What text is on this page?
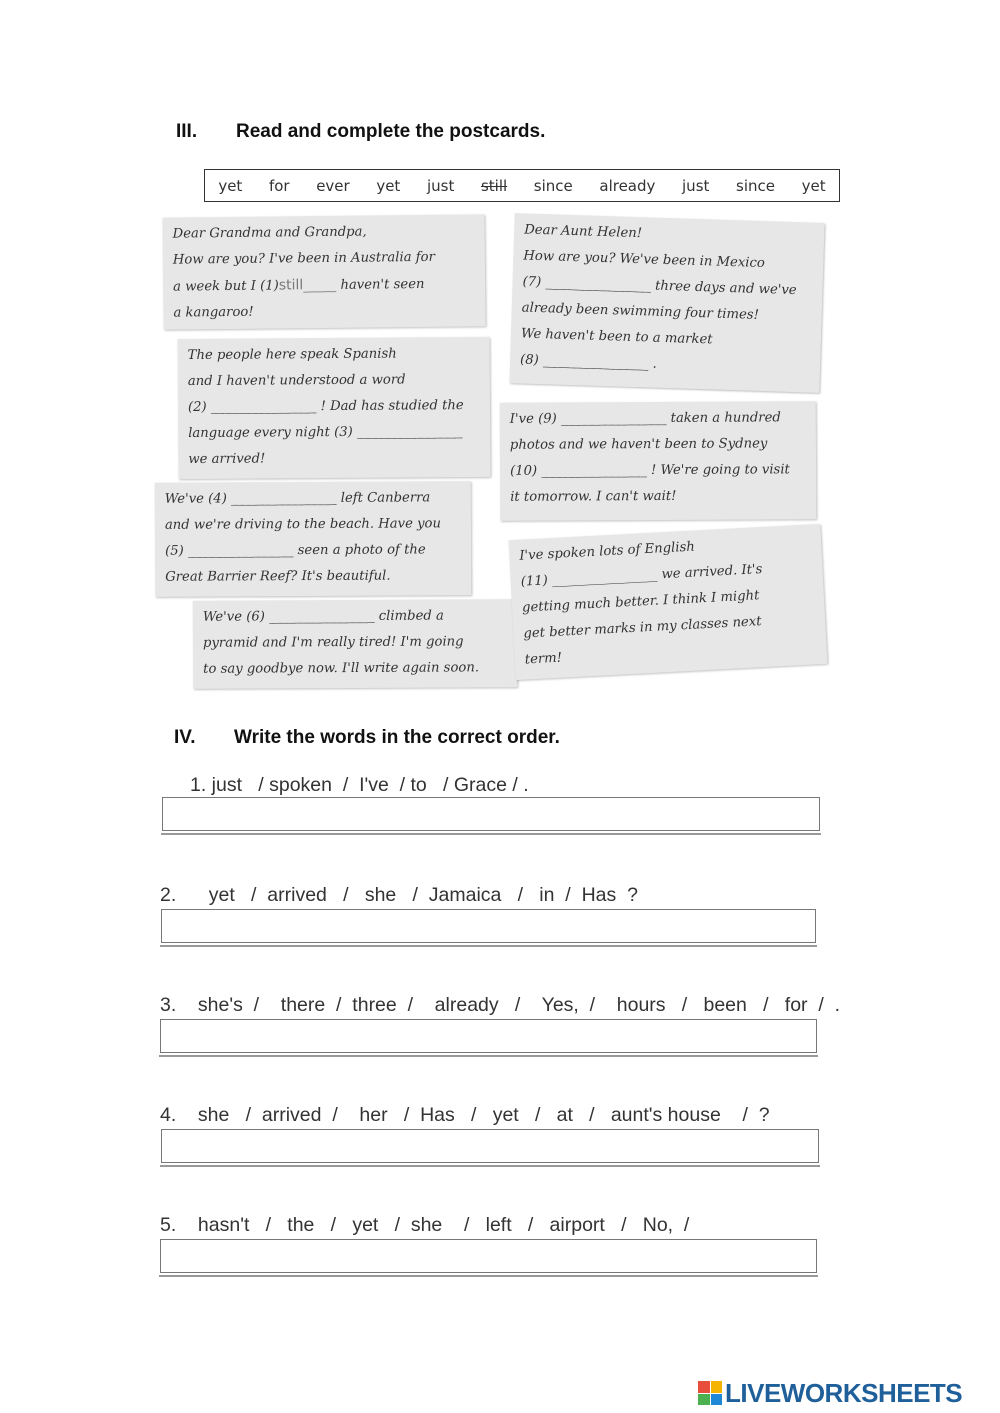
III. Read and complete the postcards.
yet for ever yet just still since already just since yet
Dear Grandma and Grandpa,
How are you? I've been in Australia for
a week but I (1)still_____ haven't seen
a kangaroo!
The people here speak Spanish
and I haven't understood a word
(2) ________________ ! Dad has studied the
language every night (3) ________________
we arrived!
We've (4) ________________ left Canberra
and we're driving to the beach. Have you
(5) ________________ seen a photo of the
Great Barrier Reef? It's beautiful.
We've (6) ________________ climbed a
pyramid and I'm really tired! I'm going
to say goodbye now. I'll write again soon.
Dear Aunt Helen!
How are you? We've been in Mexico
(7) ________________ three days and we've
already been swimming four times!
We haven't been to a market
(8) ________________ .
I've (9) ________________ taken a hundred
photos and we haven't been to Sydney
(10) ________________ ! We're going to visit
it tomorrow. I can't wait!
I've spoken lots of English
(11) ________________ we arrived. It's
getting much better. I think I might
get better marks in my classes next
term!
IV. Write the words in the correct order.
1. just   / spoken  /  I've  / to   / Grace / .
2.      yet   /  arrived   /   she   /  Jamaica   /   in  /  Has  ?
3.    she's  /    there  /  three  /    already   /    Yes,  /    hours   /   been   /   for  /  .
4.    she   /  arrived  /    her   /  Has   /   yet   /   at   /   aunt's house    /  ?
5.    hasn't   /   the   /   yet   /  she    /   left   /   airport   /   No,  /
LIVEWORKSHEETS
